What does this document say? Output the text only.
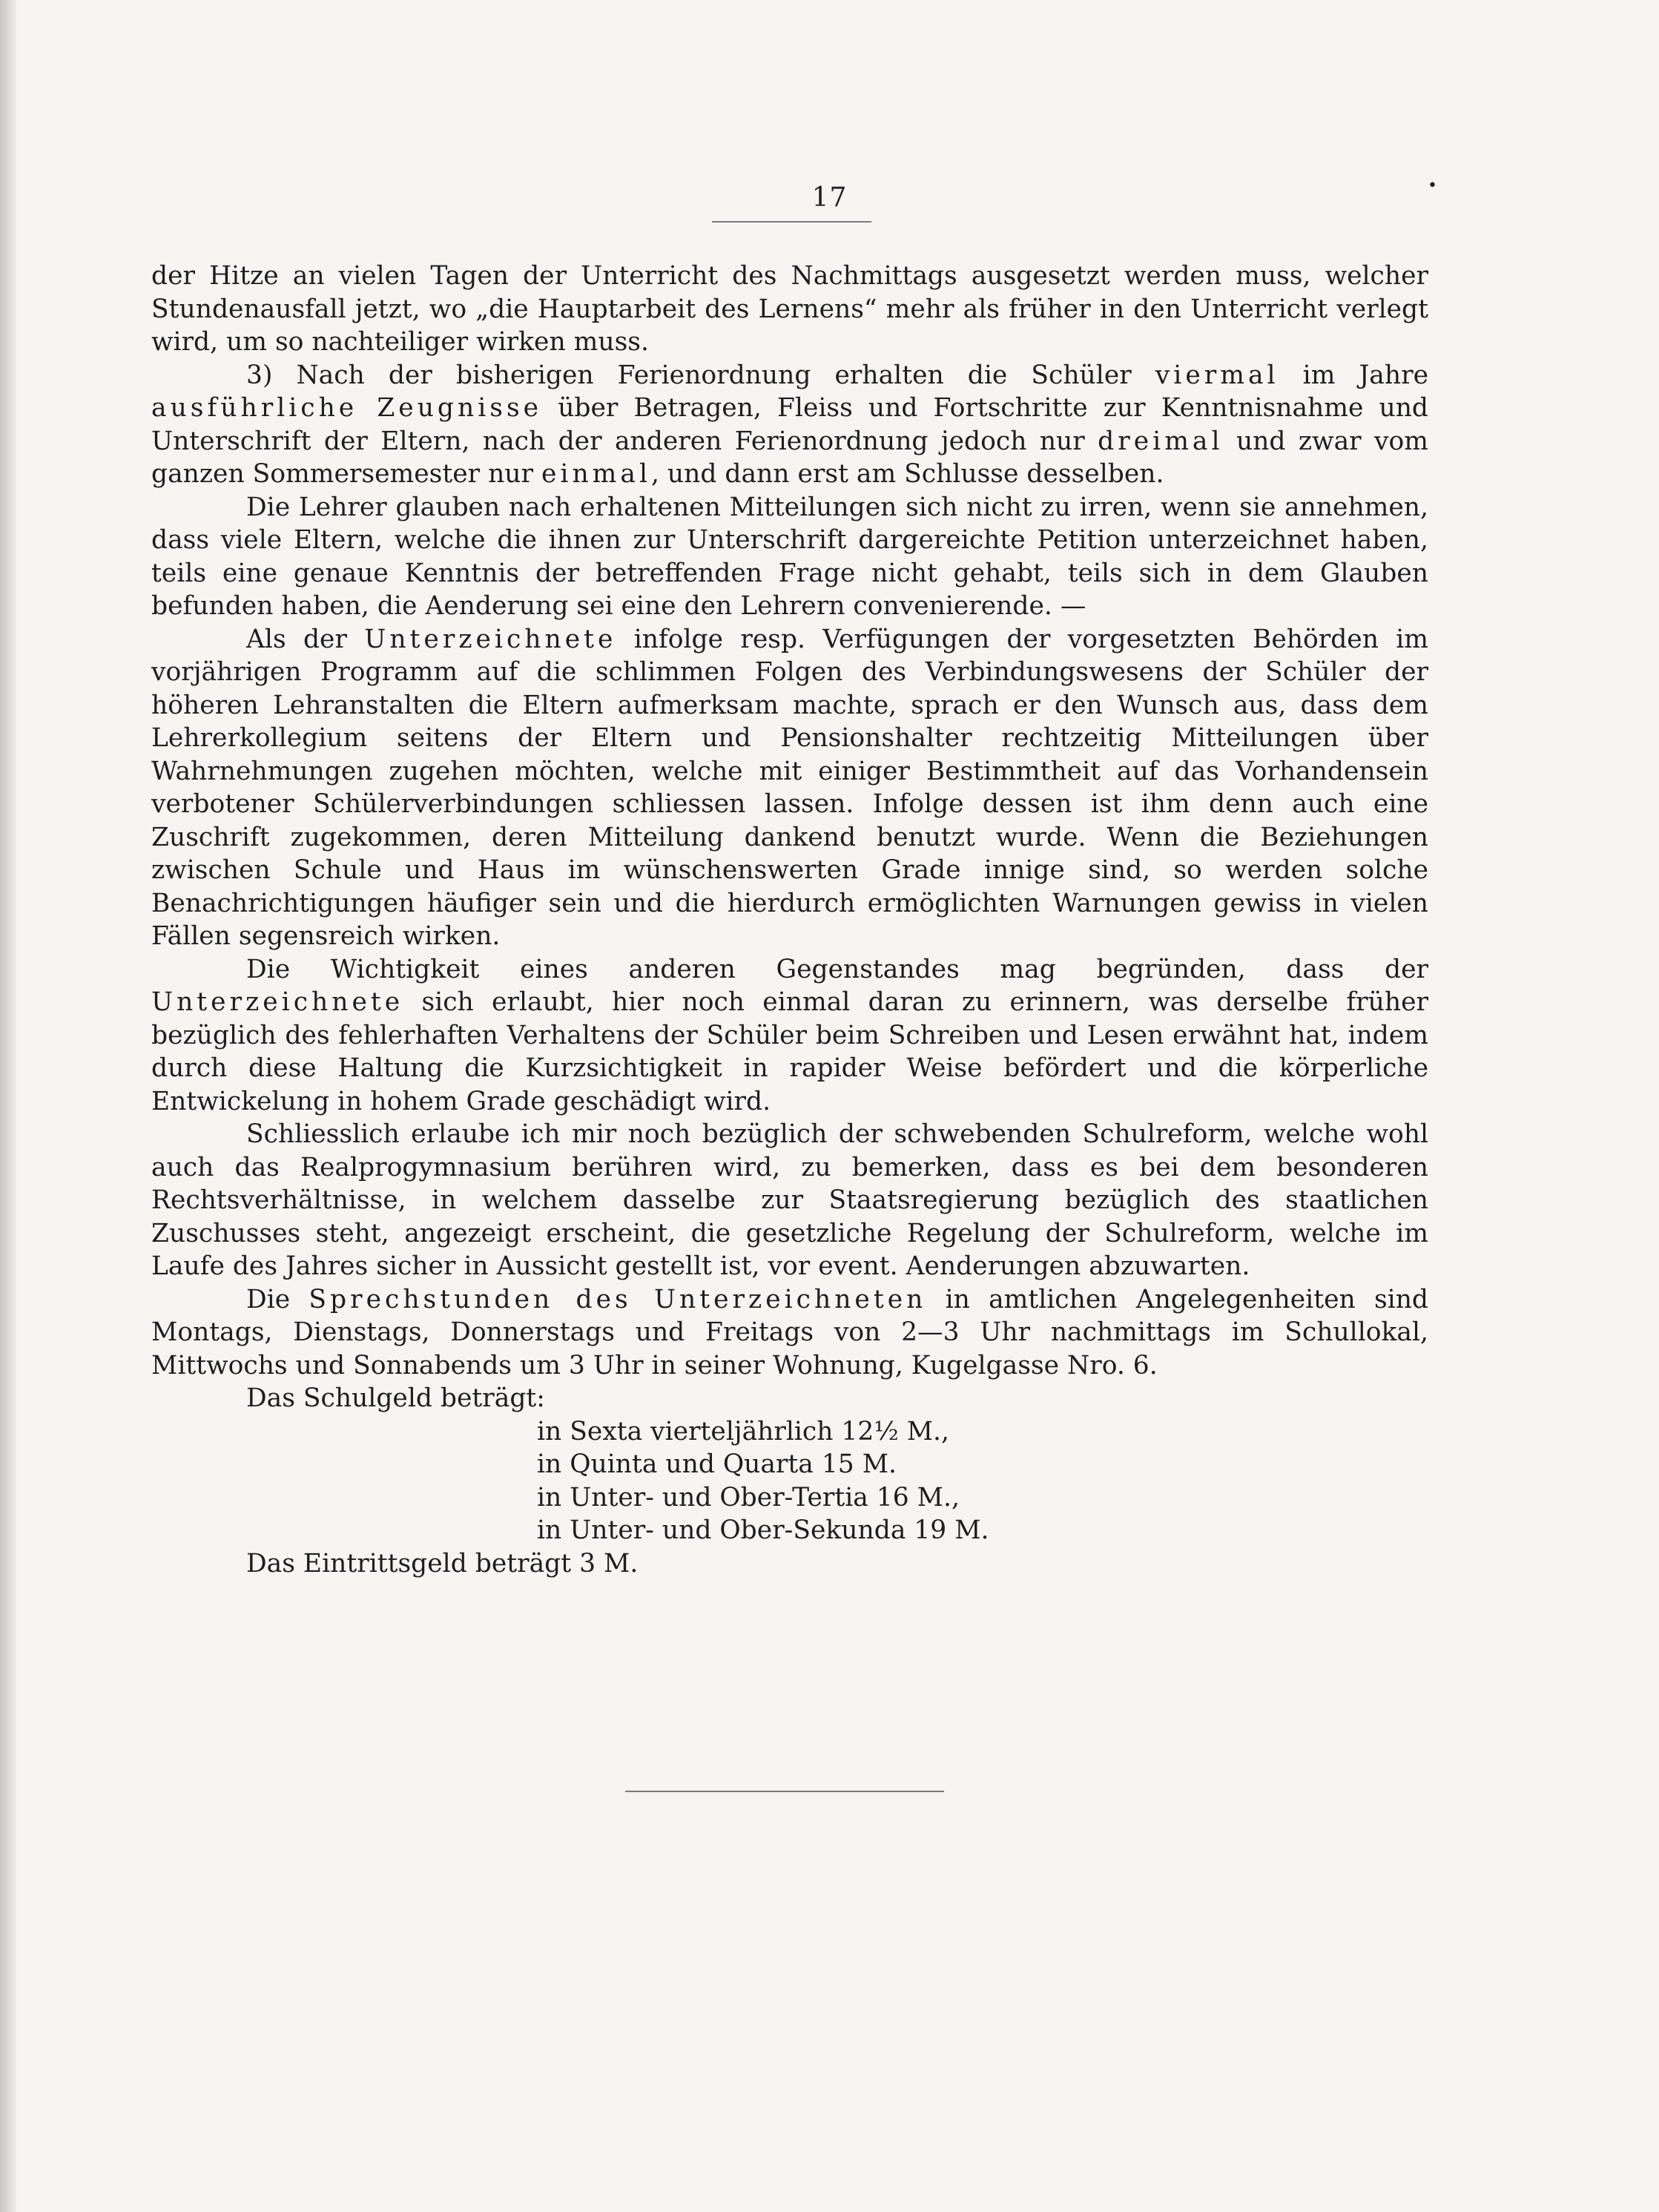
17	•

der Hitze an vielen Tagen der Unterricht des Nachmittags ausgesetzt werden muss, welcher Stundenausfall jetzt, wo „die Hauptarbeit des Lernens“ mehr als früher in den Unterricht verlegt wird, um so nachteiliger wirken muss.

3) Nach der bisherigen Ferienordnung erhalten die Schüler viermal im Jahre ausführliche Zeugnisse über Betragen, Fleiss und Fortschritte zur Kenntnisnahme und Unterschrift der Eltern, nach der anderen Ferienordnung jedoch nur dreimal und zwar vom ganzen Sommersemester nur einmal, und dann erst am Schlusse desselben.

Die Lehrer glauben nach erhaltenen Mitteilungen sich nicht zu irren, wenn sie annehmen, dass viele Eltern, welche die ihnen zur Unterschrift dargereichte Petition unterzeichnet haben, teils eine genaue Kenntnis der betreffenden Frage nicht gehabt, teils sich in dem Glauben befunden haben, die Aenderung sei eine den Lehrern convenierende. —

Als der Unterzeichnete infolge resp. Verfügungen der vorgesetzten Behörden im vorjährigen Programm auf die schlimmen Folgen des Verbindungswesens der Schüler der höheren Lehranstalten die Eltern aufmerksam machte, sprach er den Wunsch aus, dass dem Lehrerkollegium seitens der Eltern und Pensionshalter rechtzeitig Mitteilungen über Wahrnehmungen zugehen möchten, welche mit einiger Bestimmtheit auf das Vorhandensein verbotener Schülerverbindungen schliessen lassen. Infolge dessen ist ihm denn auch eine Zuschrift zugekommen, deren Mitteilung dankend benutzt wurde. Wenn die Beziehungen zwischen Schule und Haus im wünschenswerten Grade innige sind, so werden solche Benachrichtigungen häufiger sein und die hierdurch ermöglichten Warnungen gewiss in vielen Fällen segensreich wirken.

Die Wichtigkeit eines anderen Gegenstandes mag begründen, dass der Unterzeichnete sich erlaubt, hier noch einmal daran zu erinnern, was derselbe früher bezüglich des fehlerhaften Verhaltens der Schüler beim Schreiben und Lesen erwähnt hat, indem durch diese Haltung die Kurzsichtigkeit in rapider Weise befördert und die körperliche Entwickelung in hohem Grade geschädigt wird.

Schliesslich erlaube ich mir noch bezüglich der schwebenden Schulreform, welche wohl auch das Realprogymnasium berühren wird, zu bemerken, dass es bei dem besonderen Rechtsverhältnisse, in welchem dasselbe zur Staatsregierung bezüglich des staatlichen Zuschusses steht, angezeigt erscheint, die gesetzliche Regelung der Schulreform, welche im Laufe des Jahres sicher in Aussicht gestellt ist, vor event. Aenderungen abzuwarten.

Die Sprechstunden des Unterzeichneten in amtlichen Angelegenheiten sind Montags, Dienstags, Donnerstags und Freitags von 2—3 Uhr nachmittags im Schullokal, Mittwochs und Sonnabends um 3 Uhr in seiner Wohnung, Kugelgasse Nro. 6.

Das Schulgeld beträgt:
in Sexta vierteljährlich 12½ M.,
in Quinta und Quarta 15 M.
in Unter- und Ober-Tertia 16 M.,
in Unter- und Ober-Sekunda 19 M.
Das Eintrittsgeld beträgt 3 M.
